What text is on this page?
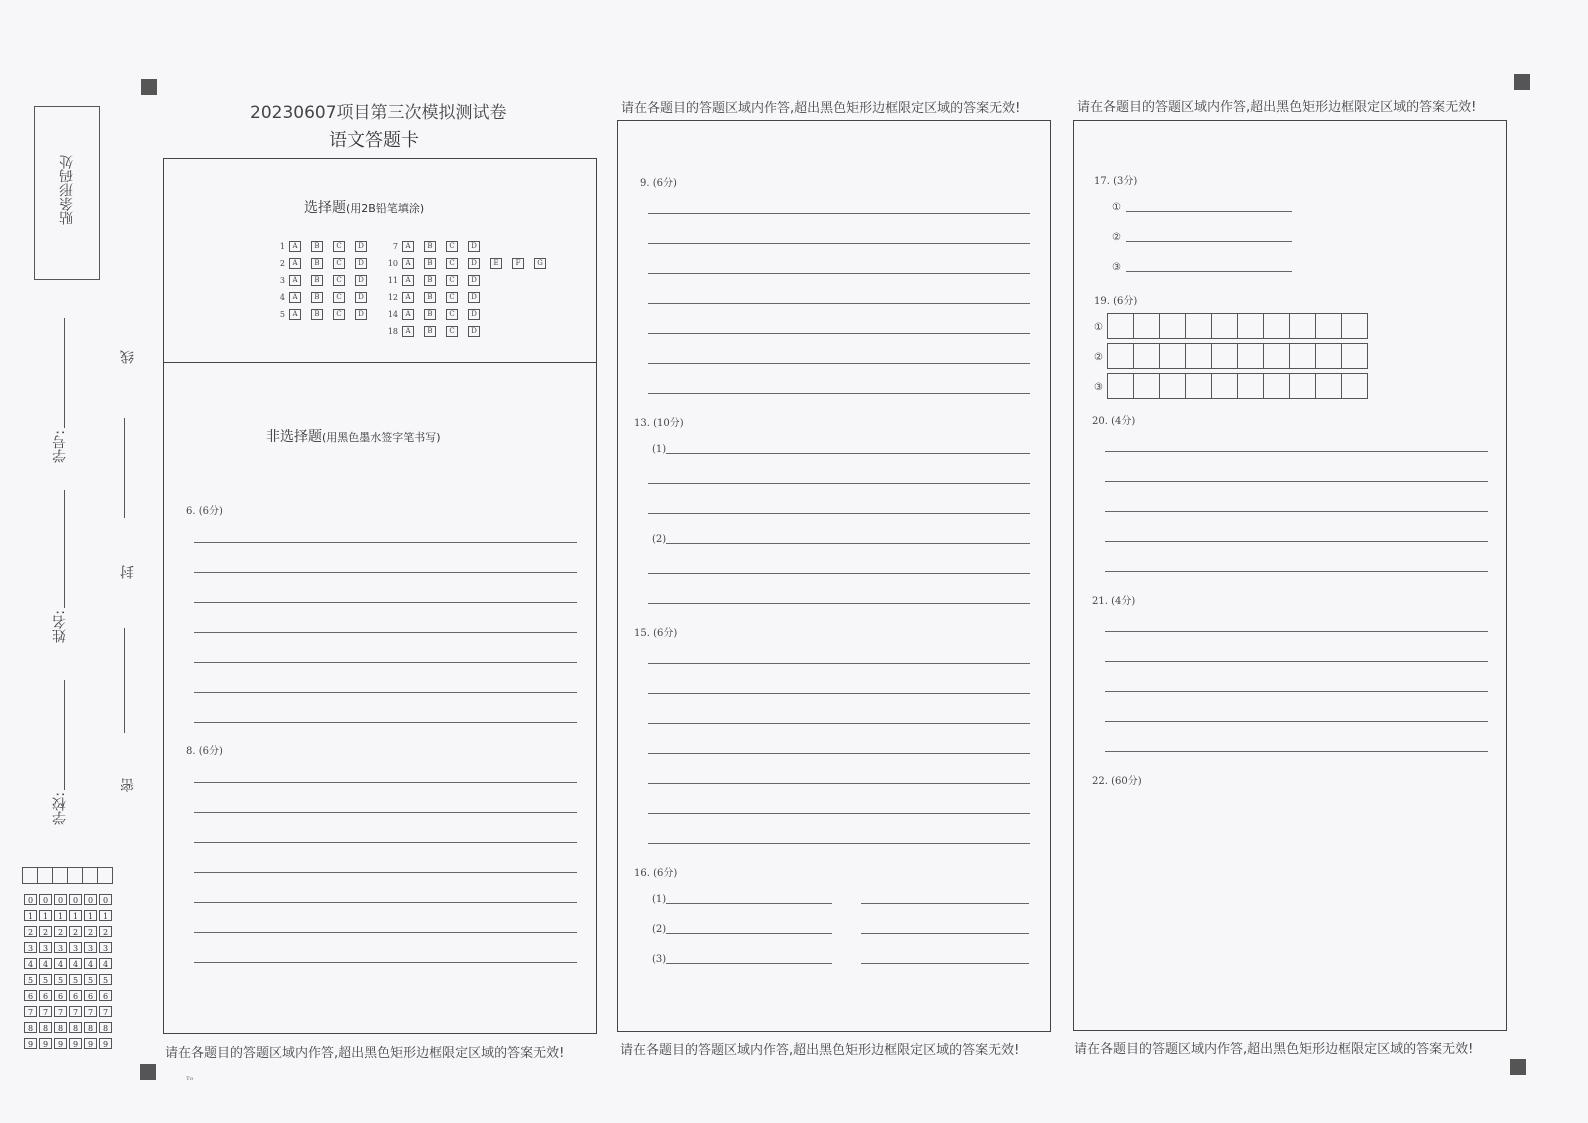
贴条形码处
学号:
姓名:
学校:
线
封
密
0	0	0	0	0	0
1	1	1	1	1	1
2	2	2	2	2	2
3	3	3	3	3	3
4	4	4	4	4	4
5	5	5	5	5	5
6	6	6	6	6	6
7	7	7	7	7	7
8	8	8	8	8	8
9	9	9	9	9	9
请在各题目的答题区域内作答,超出黑色矩形边框限定区域的答案无效!	请在各题目的答题区域内作答,超出黑色矩形边框限定区域的答案无效!
请在各题目的答题区域内作答,超出黑色矩形边框限定区域的答案无效!	请在各题目的答题区域内作答,超出黑色矩形边框限定区域的答案无效!	请在各题目的答题区域内作答,超出黑色矩形边框限定区域的答案无效!
20230607项目第三次模拟测试卷
语文答题卡
选择题(用2B铅笔填涂)
1 A B C D
2 A B C D
3 A B C D
4 A B C D
5 A B C D
7 A B C D
10 A B C D E F G
11 A B C D
12 A B C D
14 A B C D
18 A B C D
非选择题(用黑色墨水签字笔书写)
6. (6分)
8. (6分)
9. (6分)
13. (10分)
(1)
(2)
15. (6分)
16. (6分)
(1)
(2)
(3)
17. (3分)
①
②
③
19. (6分)
①
②
③
20. (4分)
21. (4分)
22. (60分)
ᵀᵒ
